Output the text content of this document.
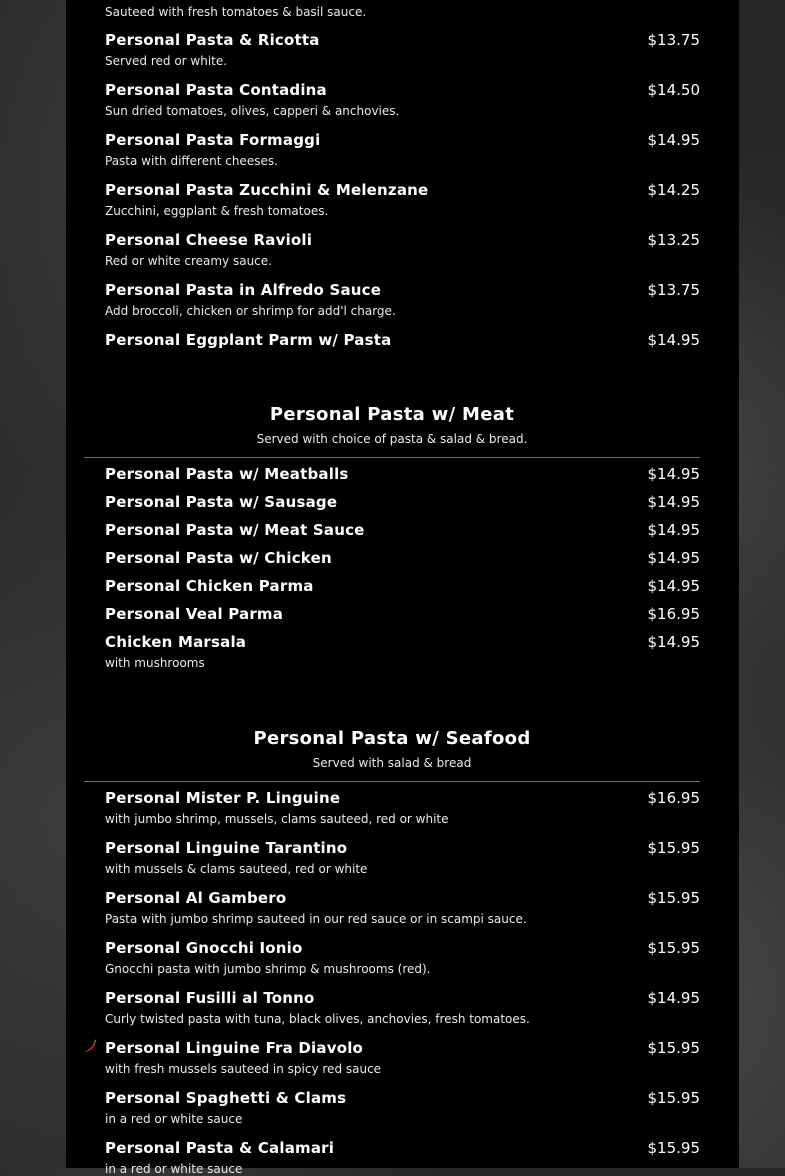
Sauteed with fresh tomatoes & basil sauce.
Personal Pasta & Ricotta	$13.75
Served red or white.
Personal Pasta Contadina	$14.50
Sun dried tomatoes, olives, capperi & anchovies.
Personal Pasta Formaggi	$14.95
Pasta with different cheeses.
Personal Pasta Zucchini & Melenzane	$14.25
Zucchini, eggplant & fresh tomatoes.
Personal Cheese Ravioli	$13.25
Red or white creamy sauce.
Personal Pasta in Alfredo Sauce	$13.75
Add broccoli, chicken or shrimp for add'l charge.
Personal Eggplant Parm w/ Pasta	$14.95
Personal Pasta w/ Meat
Served with choice of pasta & salad & bread.
Personal Pasta w/ Meatballs	$14.95
Personal Pasta w/ Sausage	$14.95
Personal Pasta w/ Meat Sauce	$14.95
Personal Pasta w/ Chicken	$14.95
Personal Chicken Parma	$14.95
Personal Veal Parma	$16.95
Chicken Marsala	$14.95
with mushrooms
Personal Pasta w/ Seafood
Served with salad & bread
Personal Mister P. Linguine	$16.95
with jumbo shrimp, mussels, clams sauteed, red or white
Personal Linguine Tarantino	$15.95
with mussels & clams sauteed, red or white
Personal Al Gambero	$15.95
Pasta with jumbo shrimp sauteed in our red sauce or in scampi sauce.
Personal Gnocchi Ionio	$15.95
Gnocchi pasta with jumbo shrimp & mushrooms (red).
Personal Fusilli al Tonno	$14.95
Curly twisted pasta with tuna, black olives, anchovies, fresh tomatoes.
Personal Linguine Fra Diavolo	$15.95
with fresh mussels sauteed in spicy red sauce
Personal Spaghetti & Clams	$15.95
in a red or white sauce
Personal Pasta & Calamari	$15.95
in a red or white sauce
